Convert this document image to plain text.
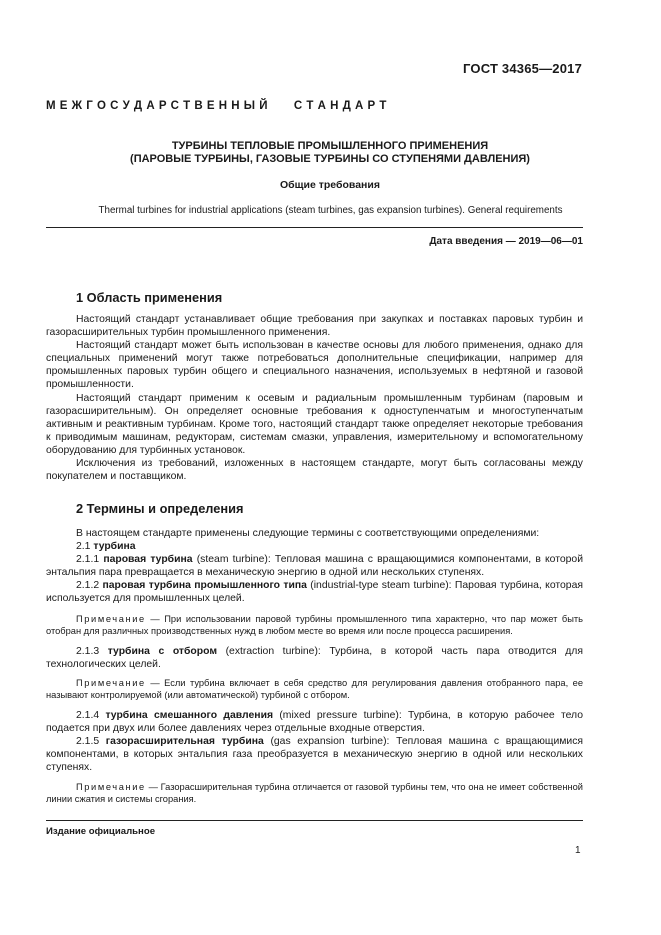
ГОСТ 34365—2017
М Е Ж Г О С У Д А Р С Т В Е Н Н Ы Й       С Т А Н Д А Р Т
ТУРБИНЫ ТЕПЛОВЫЕ ПРОМЫШЛЕННОГО ПРИМЕНЕНИЯ
(ПАРОВЫЕ ТУРБИНЫ, ГАЗОВЫЕ ТУРБИНЫ СО СТУПЕНЯМИ ДАВЛЕНИЯ)
Общие требования
Thermal turbines for industrial applications (steam turbines, gas expansion turbines). General requirements
Дата введения — 2019—06—01
1 Область применения

Настоящий стандарт устанавливает общие требования при закупках и поставках паровых турбин и газорасширительных турбин промышленного применения.

Настоящий стандарт может быть использован в качестве основы для любого применения, однако для специальных применений могут также потребоваться дополнительные спецификации, например для промышленных паровых турбин общего и специального назначения, используемых в нефтяной и газовой промышленности.

Настоящий стандарт применим к осевым и радиальным промышленным турбинам (паровым и газорасширительным). Он определяет основные требования к одноступенчатым и многоступенчатым активным и реактивным турбинам. Кроме того, настоящий стандарт также определяет некоторые требования к приводимым машинам, редукторам, системам смазки, управления, измерительному и вспомогательному оборудованию для турбинных установок.

Исключения из требований, изложенных в настоящем стандарте, могут быть согласованы между покупателем и поставщиком.

2 Термины и определения

В настоящем стандарте применены следующие термины с соответствующими определениями:

2.1 турбина

2.1.1 паровая турбина (steam turbine): Тепловая машина с вращающимися компонентами, в которой энтальпия пара превращается в механическую энергию в одной или нескольких ступенях.

2.1.2 паровая турбина промышленного типа (industrial-type steam turbine): Паровая турбина, которая используется для промышленных целей.

Примечание — При использовании паровой турбины промышленного типа характерно, что пар может быть отобран для различных производственных нужд в любом месте во время или после процесса расширения.

2.1.3 турбина с отбором (extraction turbine): Турбина, в которой часть пара отводится для технологических целей.

Примечание — Если турбина включает в себя средство для регулирования давления отобранного пара, ее называют контролируемой (или автоматической) турбиной с отбором.

2.1.4 турбина смешанного давления (mixed pressure turbine): Турбина, в которую рабочее тело подается при двух или более давлениях через отдельные входные отверстия.

2.1.5 газорасширительная турбина (gas expansion turbine): Тепловая машина с вращающимися компонентами, в которых энтальпия газа преобразуется в механическую энергию в одной или нескольких ступенях.

Примечание — Газорасширительная турбина отличается от газовой турбины тем, что она не имеет собственной линии сжатия и системы сгорания.

Издание официальное
1
